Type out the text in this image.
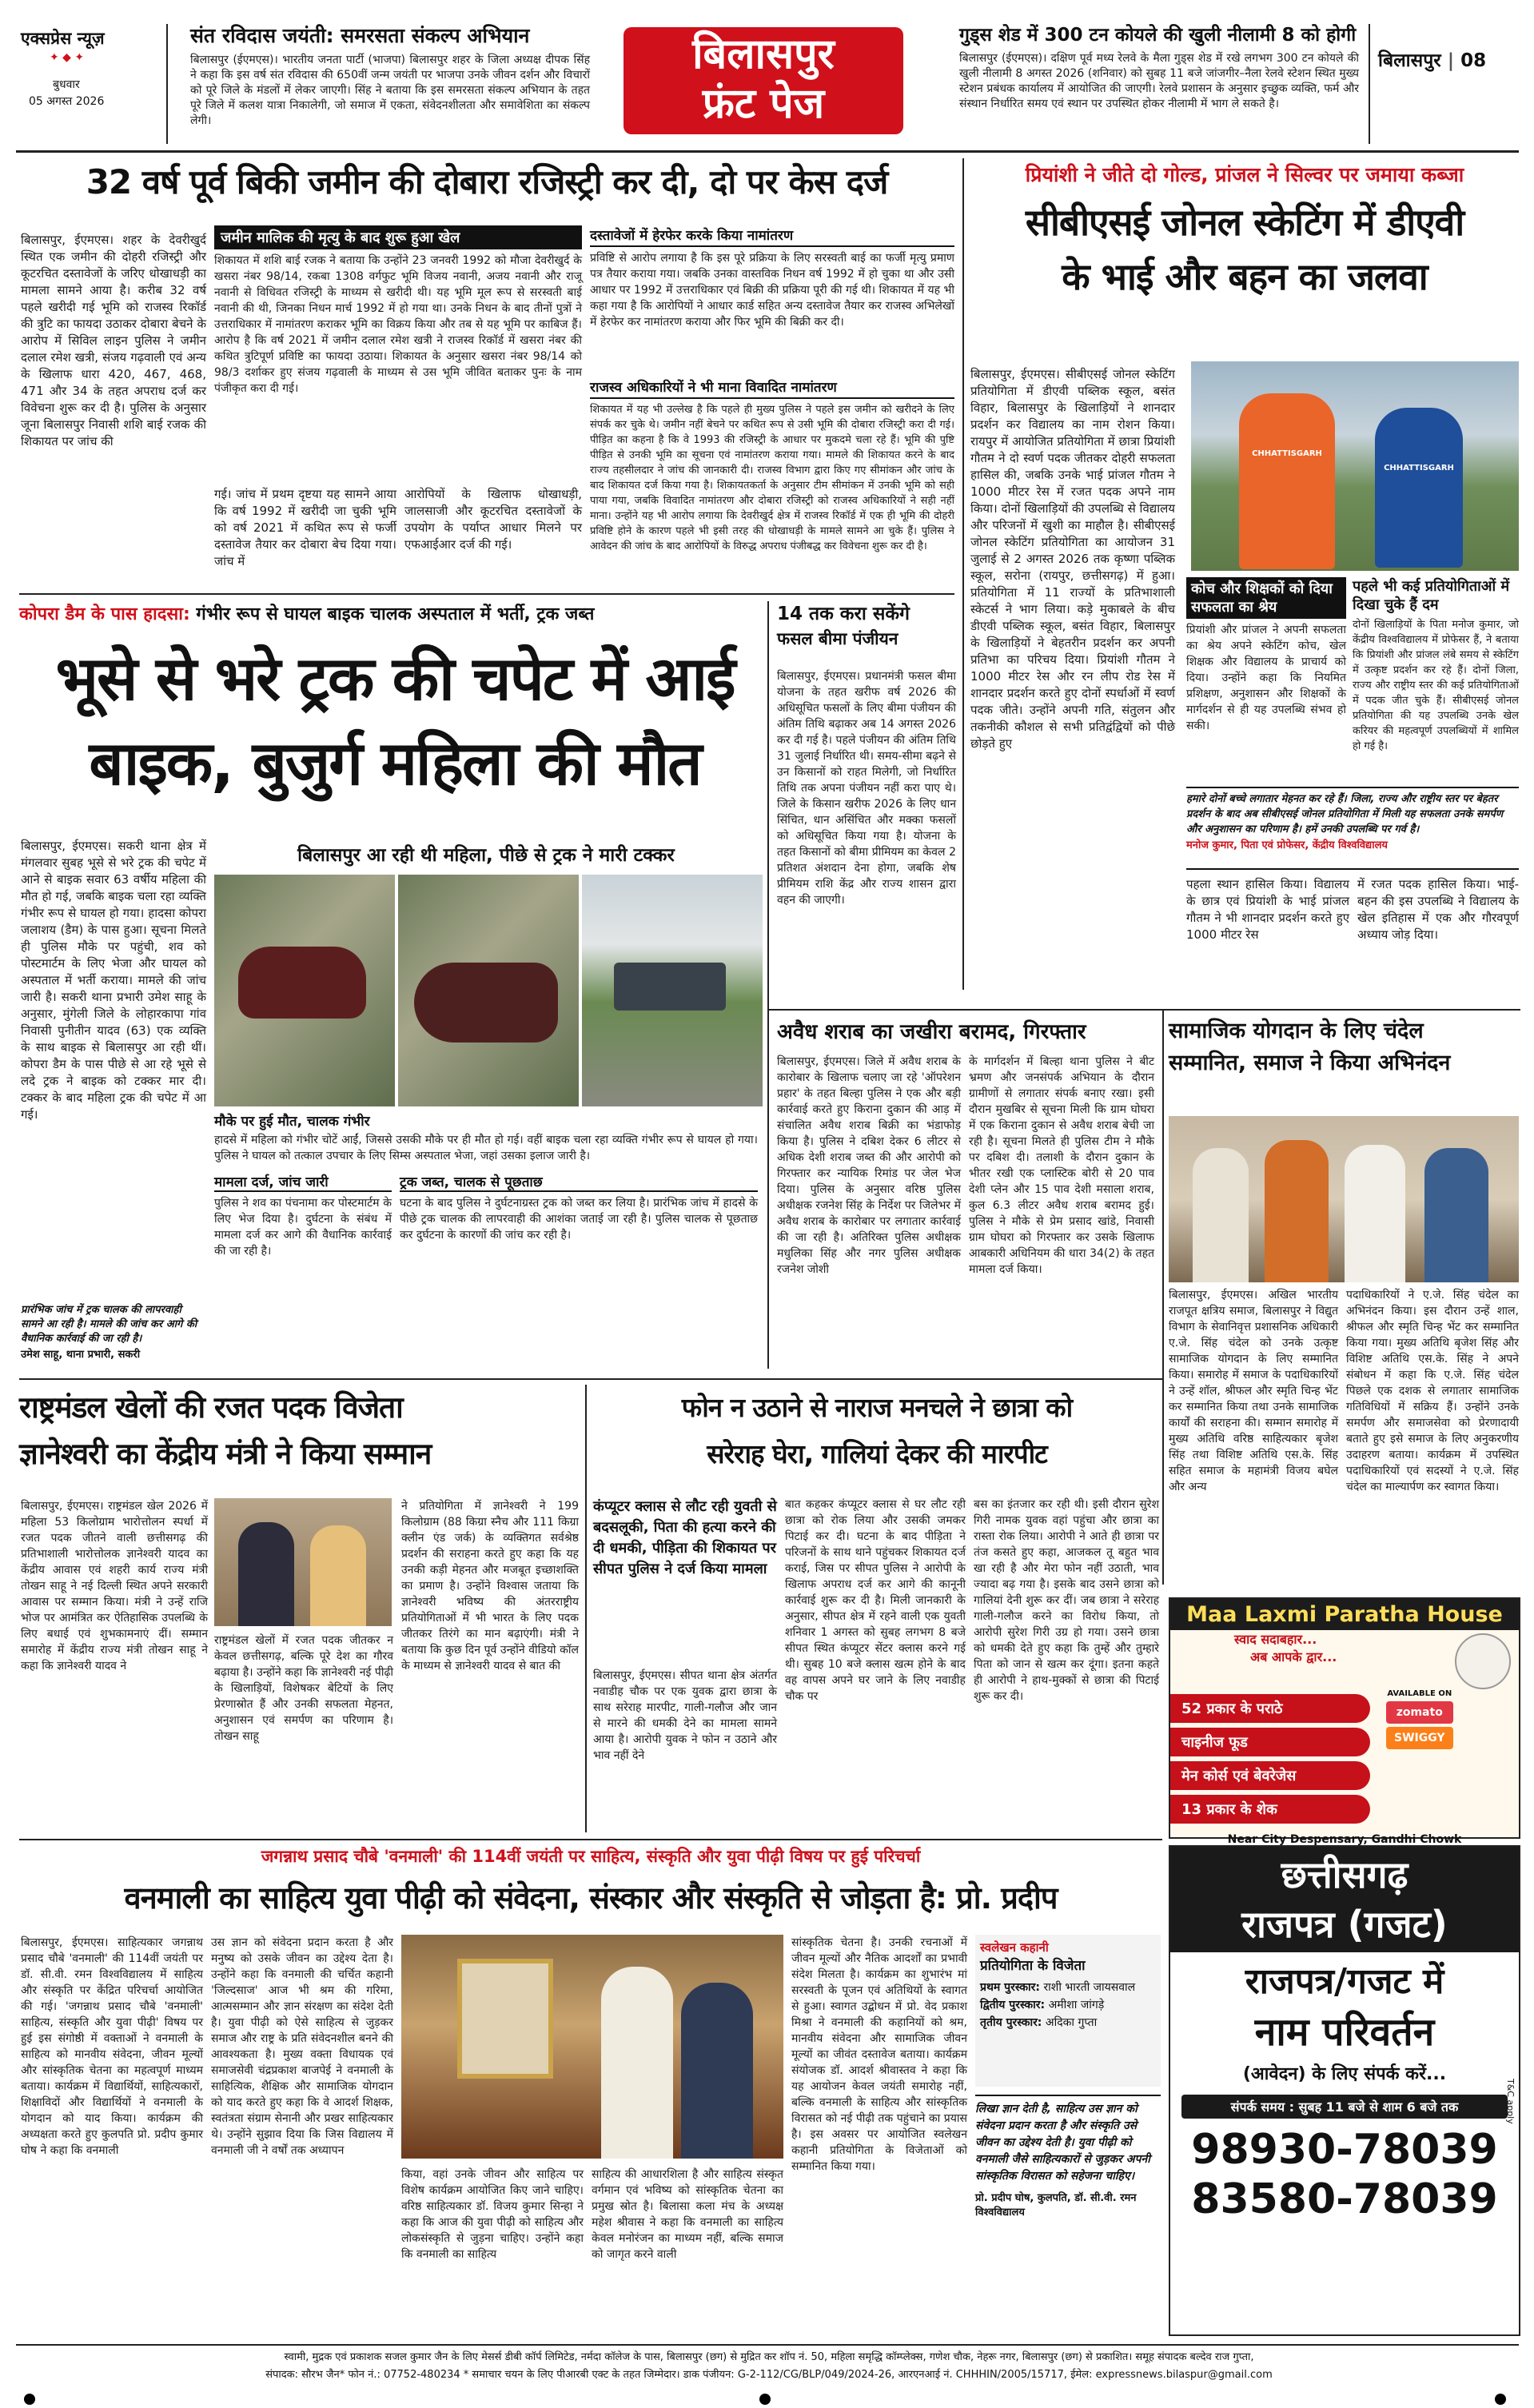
एक्सप्रेस न्यूज़
✦ ◆ ✦
बुधवार
05 अगस्त 2026
संत रविदास जयंती: समरसता संकल्प अभियान
बिलासपुर (ईएमएस)। भारतीय जनता पार्टी (भाजपा) बिलासपुर शहर के जिला अध्यक्ष दीपक सिंह ने कहा कि इस वर्ष संत रविदास की 650वीं जन्म जयंती पर भाजपा उनके जीवन दर्शन और विचारों को पूरे जिले के मंडलों में लेकर जाएगी। सिंह ने बताया कि इस समरसता संकल्प अभियान के तहत पूरे जिले में कलश यात्रा निकालेगी, जो समाज में एकता, संवेदनशीलता और समावेशिता का संकल्प लेगी।
बिलासपुर
फ्रंट पेज
गुड्स शेड में 300 टन कोयले की खुली नीलामी 8 को होगी
बिलासपुर (ईएमएस)। दक्षिण पूर्व मध्य रेलवे के मैला गुड्स शेड में रखे लगभग 300 टन कोयले की खुली नीलामी 8 अगस्त 2026 (शनिवार) को सुबह 11 बजे जांजगीर–नैला रेलवे स्टेशन स्थित मुख्य स्टेशन प्रबंधक कार्यालय में आयोजित की जाएगी। रेलवे प्रशासन के अनुसार इच्छुक व्यक्ति, फर्म और संस्थान निर्धारित समय एवं स्थान पर उपस्थित होकर नीलामी में भाग ले सकते है।
बिलासपुर | 08
32 वर्ष पूर्व बिकी जमीन की दोबारा रजिस्ट्री कर दी, दो पर केस दर्ज
बिलासपुर, ईएमएस। शहर के देवरीखुर्द स्थित एक जमीन की दोहरी रजिस्ट्री और कूटरचित दस्तावेजों के जरिए धोखाधड़ी का मामला सामने आया है। करीब 32 वर्ष पहले खरीदी गई भूमि को राजस्व रिकॉर्ड की त्रुटि का फायदा उठाकर दोबारा बेचने के आरोप में सिविल लाइन पुलिस ने जमीन दलाल रमेश खत्री, संजय गढ़वाली एवं अन्य के खिलाफ धारा 420, 467, 468, 471 और 34 के तहत अपराध दर्ज कर विवेचना शुरू कर दी है। पुलिस के अनुसार जूना बिलासपुर निवासी शशि बाई रजक की शिकायत पर जांच की
जमीन मालिक की मृत्यु के बाद शुरू हुआ खेल
शिकायत में शशि बाई रजक ने बताया कि उन्होंने 23 जनवरी 1992 को मौजा देवरीखुर्द के खसरा नंबर 98/14, रकबा 1308 वर्गफुट भूमि विजय नवानी, अजय नवानी और राजू नवानी से विधिवत रजिस्ट्री के माध्यम से खरीदी थी। यह भूमि मूल रूप से सरस्वती बाई नवानी की थी, जिनका निधन मार्च 1992 में हो गया था। उनके निधन के बाद तीनों पुत्रों ने उत्तराधिकार में नामांतरण कराकर भूमि का विक्रय किया और तब से यह भूमि पर काबिज हैं। आरोप है कि वर्ष 2021 में जमीन दलाल रमेश खत्री ने राजस्व रिकॉर्ड में खसरा नंबर की कथित त्रुटिपूर्ण प्रविष्टि का फायदा उठाया। शिकायत के अनुसार खसरा नंबर 98/14 को 98/3 दर्शाकर हुए संजय गढ़वाली के माध्यम से उस भूमि जीवित बताकर पुनः के नाम पंजीकृत करा दी गई।
गई। जांच में प्रथम दृष्टया यह सामने आया कि वर्ष 1992 में खरीदी जा चुकी भूमि को वर्ष 2021 में कथित रूप से फर्जी दस्तावेज तैयार कर दोबारा बेच दिया गया। जांच में
आरोपियों के खिलाफ धोखाधड़ी, जालसाजी और कूटरचित दस्तावेजों के उपयोग के पर्याप्त आधार मिलने पर एफआईआर दर्ज की गई।
दस्तावेजों में हेरफेर करके किया नामांतरण
प्रविष्टि से आरोप लगाया है कि इस पूरे प्रक्रिया के लिए सरस्वती बाई का फर्जी मृत्यु प्रमाण पत्र तैयार कराया गया। जबकि उनका वास्तविक निधन वर्ष 1992 में हो चुका था और उसी आधार पर 1992 में उत्तराधिकार एवं बिक्री की प्रक्रिया पूरी की गई थी। शिकायत में यह भी कहा गया है कि आरोपियों ने आधार कार्ड सहित अन्य दस्तावेज तैयार कर राजस्व अभिलेखों में हेरफेर कर नामांतरण कराया और फिर भूमि की बिक्री कर दी।
राजस्व अधिकारियों ने भी माना विवादित नामांतरण
शिकायत में यह भी उल्लेख है कि पहले ही मुख्य पुलिस ने पहले इस जमीन को खरीदने के लिए संपर्क कर चुके थे। जमीन नहीं बेचने पर कथित रूप से उसी भूमि की दोबारा रजिस्ट्री करा दी गई। पीड़ित का कहना है कि वे 1993 की रजिस्ट्री के आधार पर मुकदमे चला रहे हैं। भूमि की पुष्टि पीड़ित से उनकी भूमि का सूचना एवं नामांतरण कराया गया। मामले की शिकायत करने के बाद राज्य तहसीलदार ने जांच की जानकारी दी। राजस्व विभाग द्वारा किए गए सीमांकन और जांच के बाद शिकायत दर्ज किया गया है। शिकायतकर्ता के अनुसार टीम सीमांकन में उनकी भूमि को सही पाया गया, जबकि विवादित नामांतरण और दोबारा रजिस्ट्री को राजस्व अधिकारियों ने सही नहीं माना। उन्होंने यह भी आरोप लगाया कि देवरीखुर्द क्षेत्र में राजस्व रिकॉर्ड में एक ही भूमि की दोहरी प्रविष्टि होने के कारण पहले भी इसी तरह की धोखाधड़ी के मामले सामने आ चुके हैं। पुलिस ने आवेदन की जांच के बाद आरोपियों के विरुद्ध अपराध पंजीबद्ध कर विवेचना शुरू कर दी है।
प्रियांशी ने जीते दो गोल्ड, प्रांजल ने सिल्वर पर जमाया कब्जा
सीबीएसई जोनल स्केटिंग में डीएवी
के भाई और बहन का जलवा
बिलासपुर, ईएमएस। सीबीएसई जोनल स्केटिंग प्रतियोगिता में डीएवी पब्लिक स्कूल, बसंत विहार, बिलासपुर के खिलाड़ियों ने शानदार प्रदर्शन कर विद्यालय का नाम रोशन किया। रायपुर में आयोजित प्रतियोगिता में छात्रा प्रियांशी गौतम ने दो स्वर्ण पदक जीतकर दोहरी सफलता हासिल की, जबकि उनके भाई प्रांजल गौतम ने 1000 मीटर रेस में रजत पदक अपने नाम किया। दोनों खिलाड़ियों की उपलब्धि से विद्यालय और परिजनों में खुशी का माहौल है। सीबीएसई जोनल स्केटिंग प्रतियोगिता का आयोजन 31 जुलाई से 2 अगस्त 2026 तक कृष्णा पब्लिक स्कूल, सरोना (रायपुर, छत्तीसगढ़) में हुआ। प्रतियोगिता में 11 राज्यों के प्रतिभाशाली स्केटर्स ने भाग लिया। कड़े मुकाबले के बीच डीएवी पब्लिक स्कूल, बसंत विहार, बिलासपुर के खिलाड़ियों ने बेहतरीन प्रदर्शन कर अपनी प्रतिभा का परिचय दिया। प्रियांशी गौतम ने 1000 मीटर रेस और रन लीप रोड रेस में शानदार प्रदर्शन करते हुए दोनों स्पर्धाओं में स्वर्ण पदक जीते। उन्होंने अपनी गति, संतुलन और तकनीकी कौशल से सभी प्रतिद्वंद्वियों को पीछे छोड़ते हुए
CHHATTISGARH
CHHATTISGARH
कोच और शिक्षकों को दिया सफलता का श्रेय
प्रियांशी और प्रांजल ने अपनी सफलता का श्रेय अपने स्केटिंग कोच, खेल शिक्षक और विद्यालय के प्राचार्य को दिया। उन्होंने कहा कि नियमित प्रशिक्षण, अनुशासन और शिक्षकों के मार्गदर्शन से ही यह उपलब्धि संभव हो सकी।
पहले भी कई प्रतियोगिताओं में दिखा चुके हैं दम
दोनों खिलाड़ियों के पिता मनोज कुमार, जो केंद्रीय विश्वविद्यालय में प्रोफेसर हैं, ने बताया कि प्रियांशी और प्रांजल लंबे समय से स्केटिंग में उत्कृष्ट प्रदर्शन कर रहे हैं। दोनों जिला, राज्य और राष्ट्रीय स्तर की कई प्रतियोगिताओं में पदक जीत चुके हैं। सीबीएसई जोनल प्रतियोगिता की यह उपलब्धि उनके खेल करियर की महत्वपूर्ण उपलब्धियों में शामिल हो गई है।
हमारे दोनों बच्चे लगातार मेहनत कर रहे हैं। जिला, राज्य और राष्ट्रीय स्तर पर बेहतर प्रदर्शन के बाद अब सीबीएसई जोनल प्रतियोगिता में मिली यह सफलता उनके समर्पण और अनुशासन का परिणाम है। हमें उनकी उपलब्धि पर गर्व है।
मनोज कुमार, पिता एवं प्रोफेसर, केंद्रीय विश्वविद्यालय
पहला स्थान हासिल किया। विद्यालय के छात्र एवं प्रियांशी के भाई प्रांजल गौतम ने भी शानदार प्रदर्शन करते हुए 1000 मीटर रेस
में रजत पदक हासिल किया। भाई-बहन की इस उपलब्धि ने विद्यालय के खेल इतिहास में एक और गौरवपूर्ण अध्याय जोड़ दिया।
कोपरा डैम के पास हादसा: गंभीर रूप से घायल बाइक चालक अस्पताल में भर्ती, ट्रक जब्त
भूसे से भरे ट्रक की चपेट में आई
बाइक, बुजुर्ग महिला की मौत
बिलासपुर, ईएमएस। सकरी थाना क्षेत्र में मंगलवार सुबह भूसे से भरे ट्रक की चपेट में आने से बाइक सवार 63 वर्षीय महिला की मौत हो गई, जबकि बाइक चला रहा व्यक्ति गंभीर रूप से घायल हो गया। हादसा कोपरा जलाशय (डैम) के पास हुआ। सूचना मिलते ही पुलिस मौके पर पहुंची, शव को पोस्टमार्टम के लिए भेजा और घायल को अस्पताल में भर्ती कराया। मामले की जांच जारी है। सकरी थाना प्रभारी उमेश साहू के अनुसार, मुंगेली जिले के लोहारकापा गांव निवासी पुनीतीन यादव (63) एक व्यक्ति के साथ बाइक से बिलासपुर आ रही थीं। कोपरा डैम के पास पीछे से आ रहे भूसे से लदे ट्रक ने बाइक को टक्कर मार दी। टक्कर के बाद महिला ट्रक की चपेट में आ गई।
प्रारंभिक जांच में ट्रक चालक की लापरवाही सामने आ रही है। मामले की जांच कर आगे की वैधानिक कार्रवाई की जा रही है।
उमेश साहू, थाना प्रभारी, सकरी
बिलासपुर आ रही थी महिला, पीछे से ट्रक ने मारी टक्कर
मौके पर हुई मौत, चालक गंभीर
हादसे में महिला को गंभीर चोटें आईं, जिससे उसकी मौके पर ही मौत हो गई। वहीं बाइक चला रहा व्यक्ति गंभीर रूप से घायल हो गया। पुलिस ने घायल को तत्काल उपचार के लिए सिम्स अस्पताल भेजा, जहां उसका इलाज जारी है।
मामला दर्ज, जांच जारी
पुलिस ने शव का पंचनामा कर पोस्टमार्टम के लिए भेज दिया है। दुर्घटना के संबंध में मामला दर्ज कर आगे की वैधानिक कार्रवाई की जा रही है।
ट्रक जब्त, चालक से पूछताछ
घटना के बाद पुलिस ने दुर्घटनाग्रस्त ट्रक को जब्त कर लिया है। प्रारंभिक जांच में हादसे के पीछे ट्रक चालक की लापरवाही की आशंका जताई जा रही है। पुलिस चालक से पूछताछ कर दुर्घटना के कारणों की जांच कर रही है।
14 तक करा सकेंगे
फसल बीमा पंजीयन
बिलासपुर, ईएमएस। प्रधानमंत्री फसल बीमा योजना के तहत खरीफ वर्ष 2026 की अधिसूचित फसलों के लिए बीमा पंजीयन की अंतिम तिथि बढ़ाकर अब 14 अगस्त 2026 कर दी गई है। पहले पंजीयन की अंतिम तिथि 31 जुलाई निर्धारित थी। समय-सीमा बढ़ने से उन किसानों को राहत मिलेगी, जो निर्धारित तिथि तक अपना पंजीयन नहीं करा पाए थे। जिले के किसान खरीफ 2026 के लिए धान सिंचित, धान असिंचित और मक्का फसलों को अधिसूचित किया गया है। योजना के तहत किसानों को बीमा प्रीमियम का केवल 2 प्रतिशत अंशदान देना होगा, जबकि शेष प्रीमियम राशि केंद्र और राज्य शासन द्वारा वहन की जाएगी।
अवैध शराब का जखीरा बरामद, गिरफ्तार
बिलासपुर, ईएमएस। जिले में अवैध शराब के कारोबार के खिलाफ चलाए जा रहे 'ऑपरेशन प्रहार' के तहत बिल्हा पुलिस ने एक और बड़ी कार्रवाई करते हुए किराना दुकान की आड़ में संचालित अवैध शराब बिक्री का भंडाफोड़ किया है। पुलिस ने दबिश देकर 6 लीटर से अधिक देशी शराब जब्त की और आरोपी को गिरफ्तार कर न्यायिक रिमांड पर जेल भेज दिया। पुलिस के अनुसार वरिष्ठ पुलिस अधीक्षक रजनेश सिंह के निर्देश पर जिलेभर में अवैध शराब के कारोबार पर लगातार कार्रवाई की जा रही है। अतिरिक्त पुलिस अधीक्षक मधुलिका सिंह और नगर पुलिस अधीक्षक रजनेश जोशी
के मार्गदर्शन में बिल्हा थाना पुलिस ने बीट भ्रमण और जनसंपर्क अभियान के दौरान ग्रामीणों से लगातार संपर्क बनाए रखा। इसी दौरान मुखबिर से सूचना मिली कि ग्राम घोघरा में एक किराना दुकान से अवैध शराब बेची जा रही है। सूचना मिलते ही पुलिस टीम ने मौके पर दबिश दी। तलाशी के दौरान दुकान के भीतर रखी एक प्लास्टिक बोरी से 20 पाव देशी प्लेन और 15 पाव देशी मसाला शराब, कुल 6.3 लीटर अवैध शराब बरामद हुई। पुलिस ने मौके से प्रेम प्रसाद खांडे, निवासी ग्राम घोघरा को गिरफ्तार कर उसके खिलाफ आबकारी अधिनियम की धारा 34(2) के तहत मामला दर्ज किया।
सामाजिक योगदान के लिए चंदेल
सम्मानित, समाज ने किया अभिनंदन
बिलासपुर, ईएमएस। अखिल भारतीय राजपूत क्षत्रिय समाज, बिलासपुर ने विद्युत विभाग के सेवानिवृत्त प्रशासनिक अधिकारी ए.जे. सिंह चंदेल को उनके उत्कृष्ट सामाजिक योगदान के लिए सम्मानित किया। समारोह में समाज के पदाधिकारियों ने उन्हें शॉल, श्रीफल और स्मृति चिन्ह भेंट कर सम्मानित किया तथा उनके सामाजिक कार्यों की सराहना की। सम्मान समारोह में मुख्य अतिथि वरिष्ठ साहित्यकार बृजेश सिंह तथा विशिष्ट अतिथि एस.के. सिंह सहित समाज के महामंत्री विजय बघेल और अन्य
पदाधिकारियों ने ए.जे. सिंह चंदेल का अभिनंदन किया। इस दौरान उन्हें शाल, श्रीफल और स्मृति चिन्ह भेंट कर सम्मानित किया गया। मुख्य अतिथि बृजेश सिंह और विशिष्ट अतिथि एस.के. सिंह ने अपने संबोधन में कहा कि ए.जे. सिंह चंदेल पिछले एक दशक से लगातार सामाजिक गतिविधियों में सक्रिय हैं। उन्होंने उनके समर्पण और समाजसेवा को प्रेरणादायी बताते हुए इसे समाज के लिए अनुकरणीय उदाहरण बताया। कार्यक्रम में उपस्थित पदाधिकारियों एवं सदस्यों ने ए.जे. सिंह चंदेल का माल्यार्पण कर स्वागत किया।
राष्ट्रमंडल खेलों की रजत पदक विजेता
ज्ञानेश्वरी का केंद्रीय मंत्री ने किया सम्मान
बिलासपुर, ईएमएस। राष्ट्रमंडल खेल 2026 में महिला 53 किलोग्राम भारोत्तोलन स्पर्धा में रजत पदक जीतने वाली छत्तीसगढ़ की प्रतिभाशाली भारोत्तोलक ज्ञानेश्वरी यादव का केंद्रीय आवास एवं शहरी कार्य राज्य मंत्री तोखन साहू ने नई दिल्ली स्थित अपने सरकारी आवास पर सम्मान किया। मंत्री ने उन्हें राजि भोज पर आमंत्रित कर ऐतिहासिक उपलब्धि के लिए बधाई एवं शुभकामनाएं दीं। सम्मान समारोह में केंद्रीय राज्य मंत्री तोखन साहू ने कहा कि ज्ञानेश्वरी यादव ने
राष्ट्रमंडल खेलों में रजत पदक जीतकर न केवल छत्तीसगढ़, बल्कि पूरे देश का गौरव बढ़ाया है। उन्होंने कहा कि ज्ञानेश्वरी नई पीढ़ी के खिलाड़ियों, विशेषकर बेटियों के लिए प्रेरणास्रोत हैं और उनकी सफलता मेहनत, अनुशासन एवं समर्पण का परिणाम है। तोखन साहू
ने प्रतियोगिता में ज्ञानेश्वरी ने 199 किलोग्राम (88 किग्रा स्नैच और 111 किग्रा क्लीन एंड जर्क) के व्यक्तिगत सर्वश्रेष्ठ प्रदर्शन की सराहना करते हुए कहा कि यह उनकी कड़ी मेहनत और मजबूत इच्छाशक्ति का प्रमाण है। उन्होंने विश्वास जताया कि ज्ञानेश्वरी भविष्य की अंतरराष्ट्रीय प्रतियोगिताओं में भी भारत के लिए पदक जीतकर तिरंगे का मान बढ़ाएंगी। मंत्री ने बताया कि कुछ दिन पूर्व उन्होंने वीडियो कॉल के माध्यम से ज्ञानेश्वरी यादव से बात की
फोन न उठाने से नाराज मनचले ने छात्रा को
सरेराह घेरा, गालियां देकर की मारपीट
कंप्यूटर क्लास से लौट रही युवती से बदसलूकी, पिता की हत्या करने की दी धमकी, पीड़िता की शिकायत पर सीपत पुलिस ने दर्ज किया मामला
बिलासपुर, ईएमएस। सीपत थाना क्षेत्र अंतर्गत नवाडीह चौक पर एक युवक द्वारा छात्रा के साथ सरेराह मारपीट, गाली-गलौज और जान से मारने की धमकी देने का मामला सामने आया है। आरोपी युवक ने फोन न उठाने और भाव नहीं देने
बात कहकर कंप्यूटर क्लास से घर लौट रही छात्रा को रोक लिया और उसकी जमकर पिटाई कर दी। घटना के बाद पीड़िता ने परिजनों के साथ थाने पहुंचकर शिकायत दर्ज कराई, जिस पर सीपत पुलिस ने आरोपी के खिलाफ अपराध दर्ज कर आगे की कानूनी कार्रवाई शुरू कर दी है। मिली जानकारी के अनुसार, सीपत क्षेत्र में रहने वाली एक युवती शनिवार 1 अगस्त को सुबह लगभग 8 बजे सीपत स्थित कंप्यूटर सेंटर क्लास करने गई थी। सुबह 10 बजे क्लास खत्म होने के बाद वह वापस अपने घर जाने के लिए नवाडीह चौक पर
बस का इंतजार कर रही थी। इसी दौरान सुरेश गिरी नामक युवक वहां पहुंचा और छात्रा का रास्ता रोक लिया। आरोपी ने आते ही छात्रा पर तंज कसते हुए कहा, आजकल तू बहुत भाव खा रही है और मेरा फोन नहीं उठाती, भाव ज्यादा बढ़ गया है। इसके बाद उसने छात्रा को गालियां देनी शुरू कर दीं। जब छात्रा ने सरेराह गाली-गलौज करने का विरोध किया, तो आरोपी सुरेश गिरी उग्र हो गया। उसने छात्रा को धमकी देते हुए कहा कि तुम्हें और तुम्हारे पिता को जान से खत्म कर दूंगा। इतना कहते ही आरोपी ने हाथ-मुक्कों से छात्रा की पिटाई शुरू कर दी।
Maa Laxmi Paratha House
स्वाद सदाबहार...
अब आपके द्वार...
52 प्रकार के पराठे
चाइनीज फूड
मेन कोर्स एवं बेवरेजेस
13 प्रकार के शेक
AVAILABLE ON
zomato
SWIGGY
Near City Despensary, Gandhi Chowk
जगन्नाथ प्रसाद चौबे 'वनमाली' की 114वीं जयंती पर साहित्य, संस्कृति और युवा पीढ़ी विषय पर हुई परिचर्चा
वनमाली का साहित्य युवा पीढ़ी को संवेदना, संस्कार और संस्कृति से जोड़ता है: प्रो. प्रदीप
बिलासपुर, ईएमएस। साहित्यकार जगन्नाथ प्रसाद चौबे 'वनमाली' की 114वीं जयंती पर डॉ. सी.वी. रमन विश्वविद्यालय में साहित्य और संस्कृति पर केंद्रित परिचर्चा आयोजित की गई। 'जगन्नाथ प्रसाद चौबे 'वनमाली' साहित्य, संस्कृति और युवा पीढ़ी' विषय पर हुई इस संगोष्ठी में वक्ताओं ने वनमाली के साहित्य को मानवीय संवेदना, जीवन मूल्यों और सांस्कृतिक चेतना का महत्वपूर्ण माध्यम बताया। कार्यक्रम में विद्यार्थियों, साहित्यकारों, शिक्षाविदों और विद्यार्थियों ने वनमाली के योगदान को याद किया। कार्यक्रम की अध्यक्षता करते हुए कुलपति प्रो. प्रदीप कुमार घोष ने कहा कि वनमाली
उस ज्ञान को संवेदना प्रदान करता है और मनुष्य को उसके जीवन का उद्देश्य देता है। उन्होंने कहा कि वनमाली की चर्चित कहानी 'जिल्दसाज' आज भी श्रम की गरिमा, आत्मसम्मान और ज्ञान संरक्षण का संदेश देती है। युवा पीढ़ी को ऐसे साहित्य से जुड़कर समाज और राष्ट्र के प्रति संवेदनशील बनने की आवश्यकता है। मुख्य वक्ता विधायक एवं समाजसेवी चंद्रप्रकाश बाजपेई ने वनमाली के साहित्यिक, शैक्षिक और सामाजिक योगदान को याद करते हुए कहा कि वे आदर्श शिक्षक, स्वतंत्रता संग्राम सेनानी और प्रखर साहित्यकार थे। उन्होंने सुझाव दिया कि जिस विद्यालय में वनमाली जी ने वर्षों तक अध्यापन
किया, वहां उनके जीवन और साहित्य पर विशेष कार्यक्रम आयोजित किए जाने चाहिए। वरिष्ठ साहित्यकार डॉ. विजय कुमार सिन्हा ने कहा कि आज की युवा पीढ़ी को साहित्य और लोकसंस्कृति से जुड़ना चाहिए। उन्होंने कहा कि वनमाली का साहित्य
साहित्य की आधारशिला है और साहित्य संस्कृत वर्गमान एवं भविष्य को सांस्कृतिक चेतना का प्रमुख स्रोत है। बिलासा कला मंच के अध्यक्ष महेश श्रीवास ने कहा कि वनमाली का साहित्य केवल मनोरंजन का माध्यम नहीं, बल्कि समाज को जागृत करने वाली
सांस्कृतिक चेतना है। उनकी रचनाओं में जीवन मूल्यों और नैतिक आदर्शों का प्रभावी संदेश मिलता है। कार्यक्रम का शुभारंभ मां सरस्वती के पूजन एवं अतिथियों के स्वागत से हुआ। स्वागत उद्बोधन में प्रो. वेद प्रकाश मिश्रा ने वनमाली की कहानियों को श्रम, मानवीय संवेदना और सामाजिक जीवन मूल्यों का जीवंत दस्तावेज बताया। कार्यक्रम संयोजक डॉ. आदर्श श्रीवास्तव ने कहा कि यह आयोजन केवल जयंती समारोह नहीं, बल्कि वनमाली के साहित्य और सांस्कृतिक विरासत को नई पीढ़ी तक पहुंचाने का प्रयास है। इस अवसर पर आयोजित स्वलेखन कहानी प्रतियोगिता के विजेताओं को सम्मानित किया गया।
स्वलेखन कहानी
प्रतियोगिता के विजेता
प्रथम पुरस्कार: राशी भारती जायसवाल
द्वितीय पुरस्कार: अमीशा जांगड़े
तृतीय पुरस्कार: अदिका गुप्ता
लिखा ज्ञान देती है, साहित्य उस ज्ञान को संवेदना प्रदान करता है और संस्कृति उसे जीवन का उद्देश्य देती है। युवा पीढ़ी को वनमाली जैसे साहित्यकारों से जुड़कर अपनी सांस्कृतिक विरासत को सहेजना चाहिए।
प्रो. प्रदीप घोष, कुलपति, डॉ. सी.वी. रमन विश्वविद्यालय
छत्तीसगढ़
राजपत्र (गजट)
राजपत्र/गजट में
नाम परिवर्तन
(आवेदन) के लिए संपर्क करें...
T&C apply
संपर्क समय : सुबह 11 बजे से शाम 6 बजे तक
98930-78039
83580-78039
स्वामी, मुद्रक एवं प्रकाशक सजल कुमार जैन के लिए मेसर्स डीबी कॉर्प लिमिटेड, नर्मदा कॉलेज के पास, बिलासपुर (छग) से मुद्रित कर शॉप नं. 50, महिला समृद्धि कॉम्प्लेक्स, गणेश चौक, नेहरू नगर, बिलासपुर (छग) से प्रकाशित। समूह संपादक बल्देव राज गुप्ता,
संपादक: सौरभ जैन* फोन नं.: 07752-480234 * समाचार चयन के लिए पीआरबी एक्ट के तहत जिम्मेदार। डाक पंजीयन: G-2-112/CG/BLP/049/2024-26, आरएनआई नं. CHHHIN/2005/15717, ईमेल: expressnews.bilaspur@gmail.com
